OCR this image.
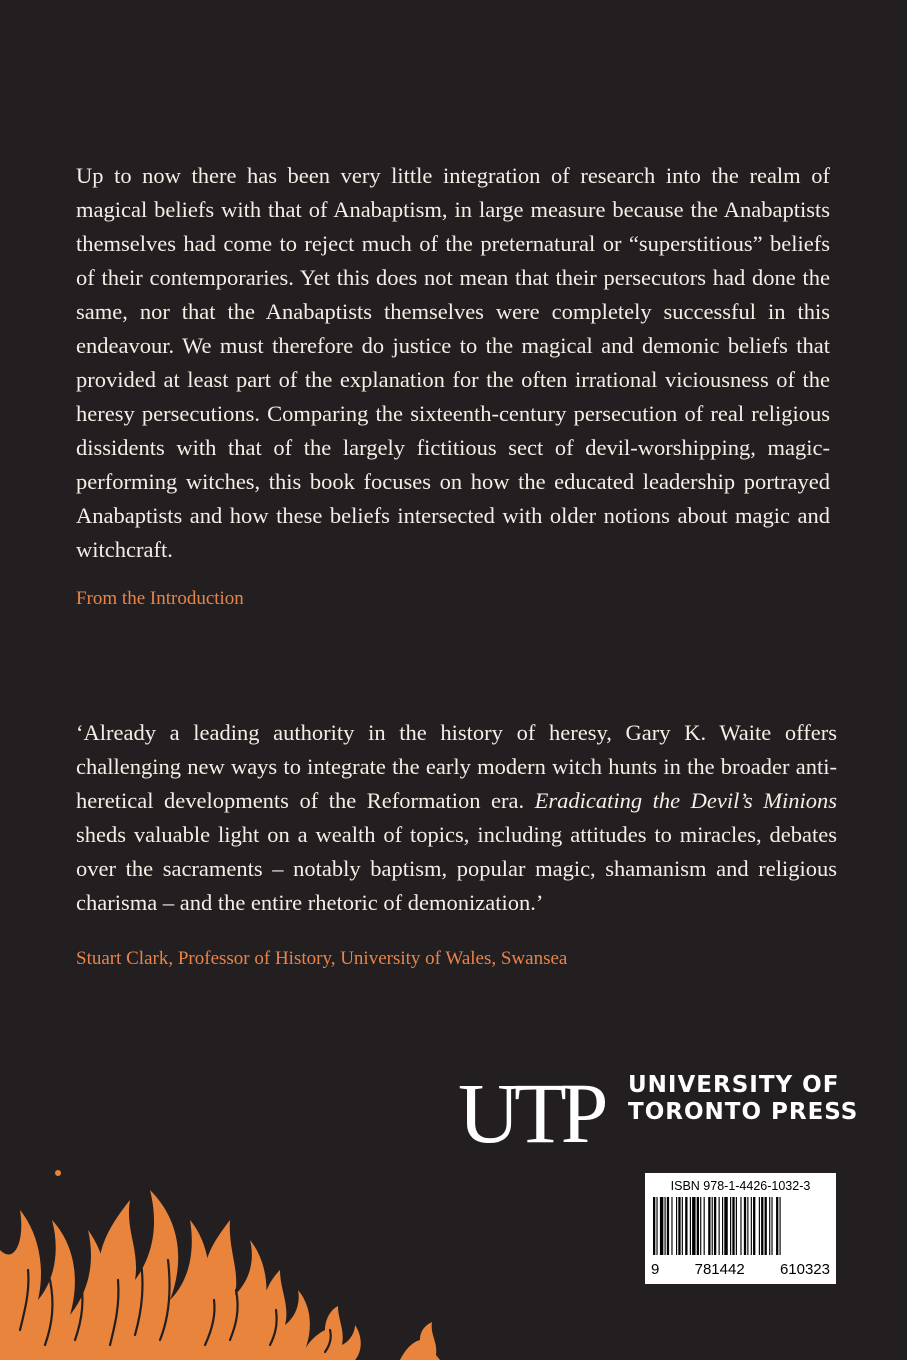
Up to now there has been very little integration of research into the realm of magical beliefs with that of Anabaptism, in large measure because the Anabaptists themselves had come to reject much of the preternatural or “superstitious” beliefs of their contemporaries. Yet this does not mean that their persecutors had done the same, nor that the Anabaptists themselves were completely successful in this endeavour. We must therefore do justice to the magical and demonic beliefs that provided at least part of the explanation for the often irrational viciousness of the heresy persecutions. Comparing the sixteenth-century persecution of real religious dissidents with that of the largely fictitious sect of devil-worshipping, magic-performing witches, this book focuses on how the educated leadership portrayed Anabaptists and how these beliefs intersected with older notions about magic and witchcraft.

From the Introduction

‘Already a leading authority in the history of heresy, Gary K. Waite offers challenging new ways to integrate the early modern witch hunts in the broader anti-heretical developments of the Reformation era. Eradicating the Devil’s Minions sheds valuable light on a wealth of topics, including attitudes to miracles, debates over the sacraments – notably baptism, popular magic, shamanism and religious charisma – and the entire rhetoric of demonization.’

Stuart Clark, Professor of History, University of Wales, Swansea

UTP UNIVERSITY OF
TORONTO PRESS
ISBN 978-1-4426-1032-3
9 781442 610323
